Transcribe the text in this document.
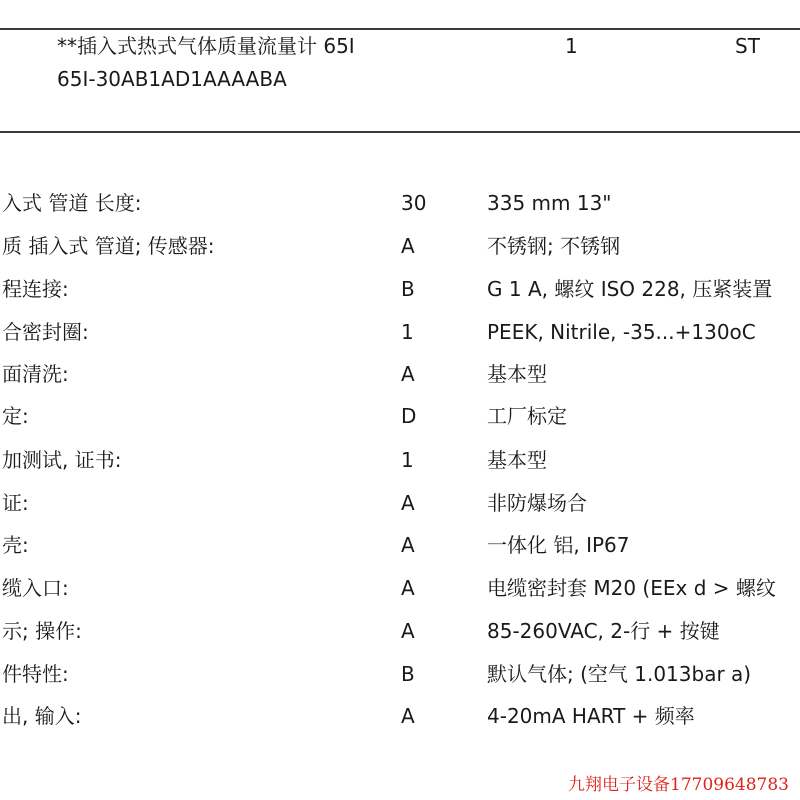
**插入式热式气体质量流量计 65I
65I-30AB1AD1AAAABA
1	ST
入式 管道 长度:	30	335 mm 13"
质 插入式 管道; 传感器:	A	不锈钢; 不锈钢
程连接:	B	G 1 A, 螺纹 ISO 228, 压紧装置
合密封圈:	1	PEEK, Nitrile, -35...+130oC
面清洗:	A	基本型
定:	D	工厂标定
加测试, 证书:	1	基本型
证:	A	非防爆场合
壳:	A	一体化 铝, IP67
缆入口:	A	电缆密封套 M20 (EEx d > 螺纹
示; 操作:	A	85-260VAC, 2-行 + 按键
件特性:	B	默认气体; (空气 1.013bar a)
出, 输入:	A	4-20mA HART + 频率
九翔电子设备17709648783
